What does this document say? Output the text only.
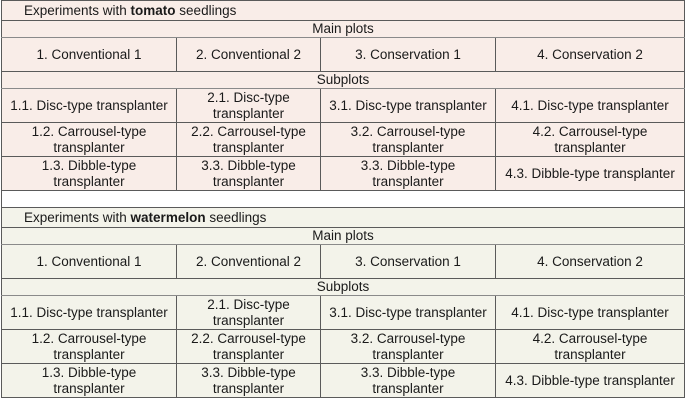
Experiments with tomato seedlings			
Main plots			
1. Conventional 1	2. Conventional 2	3. Conservation 1	4. Conservation 2
Subplots			
1.1. Disc-type transplanter	2.1. Disc-type transplanter	3.1. Disc-type transplanter	4.1. Disc-type transplanter
1.2. Carrousel-type transplanter	2.2. Carrousel-type transplanter	3.2. Carrousel-type transplanter	4.2. Carrousel-type transplanter
1.3. Dibble-type transplanter	3.3. Dibble-type transplanter	3.3. Dibble-type transplanter	4.3. Dibble-type transplanter

Experiments with watermelon seedlings			
Main plots			
1. Conventional 1	2. Conventional 2	3. Conservation 1	4. Conservation 2
Subplots			
1.1. Disc-type transplanter	2.1. Disc-type transplanter	3.1. Disc-type transplanter	4.1. Disc-type transplanter
1.2. Carrousel-type transplanter	2.2. Carrousel-type transplanter	3.2. Carrousel-type transplanter	4.2. Carrousel-type transplanter
1.3. Dibble-type transplanter	3.3. Dibble-type transplanter	3.3. Dibble-type transplanter	4.3. Dibble-type transplanter
